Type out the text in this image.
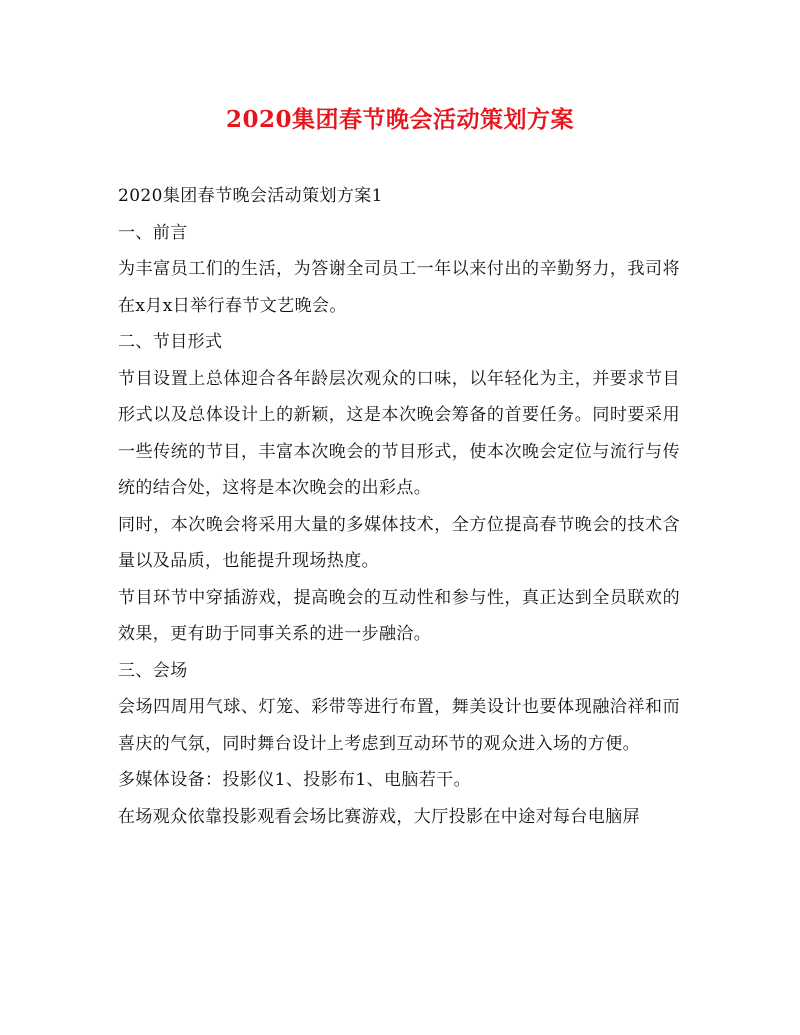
2020集团春节晚会活动策划方案

2020集团春节晚会活动策划方案1

一、前言

为丰富员工们的生活，为答谢全司员工一年以来付出的辛勤努力，我司将在x月x日举行春节文艺晚会。

二、节目形式

节目设置上总体迎合各年龄层次观众的口味，以年轻化为主，并要求节目形式以及总体设计上的新颖，这是本次晚会筹备的首要任务。同时要采用一些传统的节目，丰富本次晚会的节目形式，使本次晚会定位与流行与传统的结合处，这将是本次晚会的出彩点。

同时，本次晚会将采用大量的多媒体技术，全方位提高春节晚会的技术含量以及品质，也能提升现场热度。

节目环节中穿插游戏，提高晚会的互动性和参与性，真正达到全员联欢的效果，更有助于同事关系的进一步融洽。

三、会场

会场四周用气球、灯笼、彩带等进行布置，舞美设计也要体现融洽祥和而喜庆的气氛，同时舞台设计上考虑到互动环节的观众进入场的方便。

多媒体设备：投影仪1、投影布1、电脑若干。

在场观众依靠投影观看会场比赛游戏，大厅投影在中途对每台电脑屏
